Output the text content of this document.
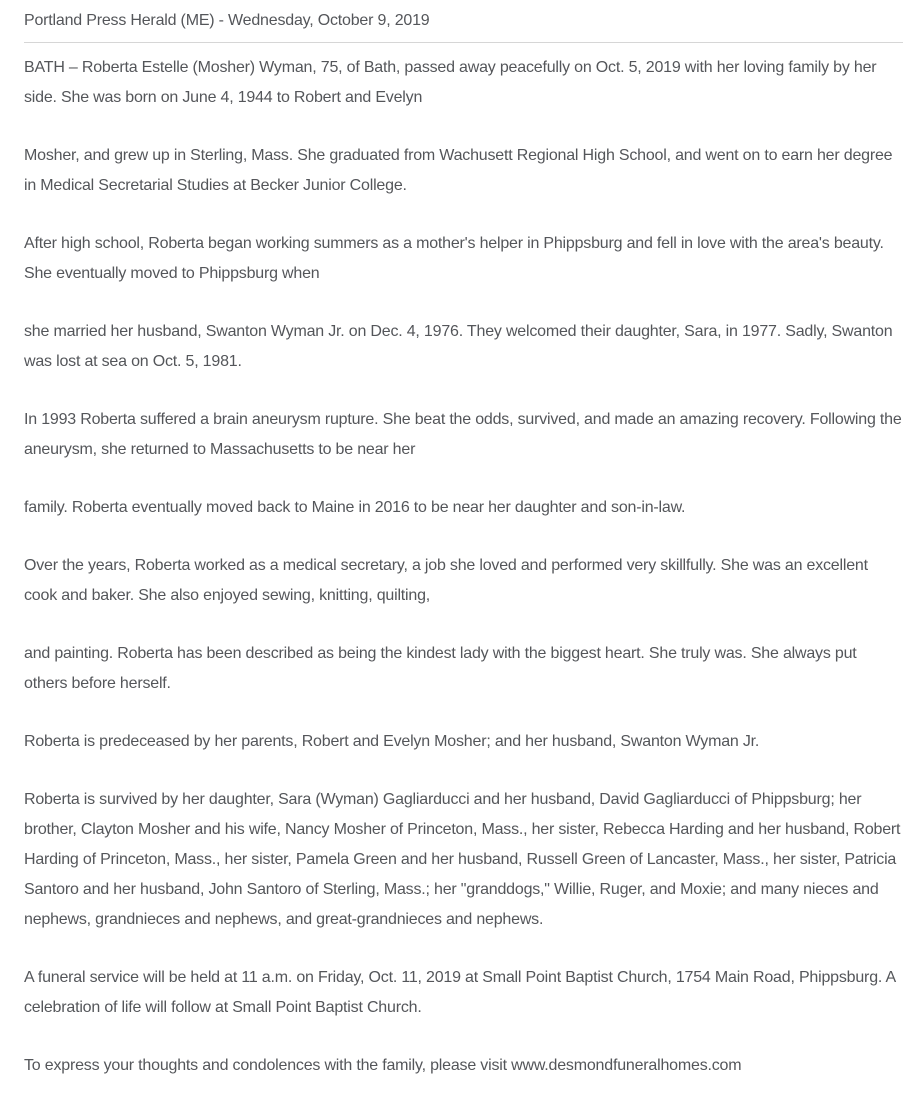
Portland Press Herald (ME) - Wednesday, October 9, 2019

BATH – Roberta Estelle (Mosher) Wyman, 75, of Bath, passed away peacefully on Oct. 5, 2019 with her loving family by her side. She was born on June 4, 1944 to Robert and Evelyn

Mosher, and grew up in Sterling, Mass. She graduated from Wachusett Regional High School, and went on to earn her degree in Medical Secretarial Studies at Becker Junior College.

After high school, Roberta began working summers as a mother's helper in Phippsburg and fell in love with the area's beauty. She eventually moved to Phippsburg when

she married her husband, Swanton Wyman Jr. on Dec. 4, 1976. They welcomed their daughter, Sara, in 1977. Sadly, Swanton was lost at sea on Oct. 5, 1981.

In 1993 Roberta suffered a brain aneurysm rupture. She beat the odds, survived, and made an amazing recovery. Following the aneurysm, she returned to Massachusetts to be near her

family. Roberta eventually moved back to Maine in 2016 to be near her daughter and son-in-law.

Over the years, Roberta worked as a medical secretary, a job she loved and performed very skillfully. She was an excellent cook and baker. She also enjoyed sewing, knitting, quilting,

and painting. Roberta has been described as being the kindest lady with the biggest heart. She truly was. She always put others before herself.

Roberta is predeceased by her parents, Robert and Evelyn Mosher; and her husband, Swanton Wyman Jr.

Roberta is survived by her daughter, Sara (Wyman) Gagliarducci and her husband, David Gagliarducci of Phippsburg; her brother, Clayton Mosher and his wife, Nancy Mosher of Princeton, Mass., her sister, Rebecca Harding and her husband, Robert Harding of Princeton, Mass., her sister, Pamela Green and her husband, Russell Green of Lancaster, Mass., her sister, Patricia Santoro and her husband, John Santoro of Sterling, Mass.; her "granddogs," Willie, Ruger, and Moxie; and many nieces and nephews, grandnieces and nephews, and great-grandnieces and nephews.

A funeral service will be held at 11 a.m. on Friday, Oct. 11, 2019 at Small Point Baptist Church, 1754 Main Road, Phippsburg. A celebration of life will follow at Small Point Baptist Church.

To express your thoughts and condolences with the family, please visit www.desmondfuneralhomes.com
